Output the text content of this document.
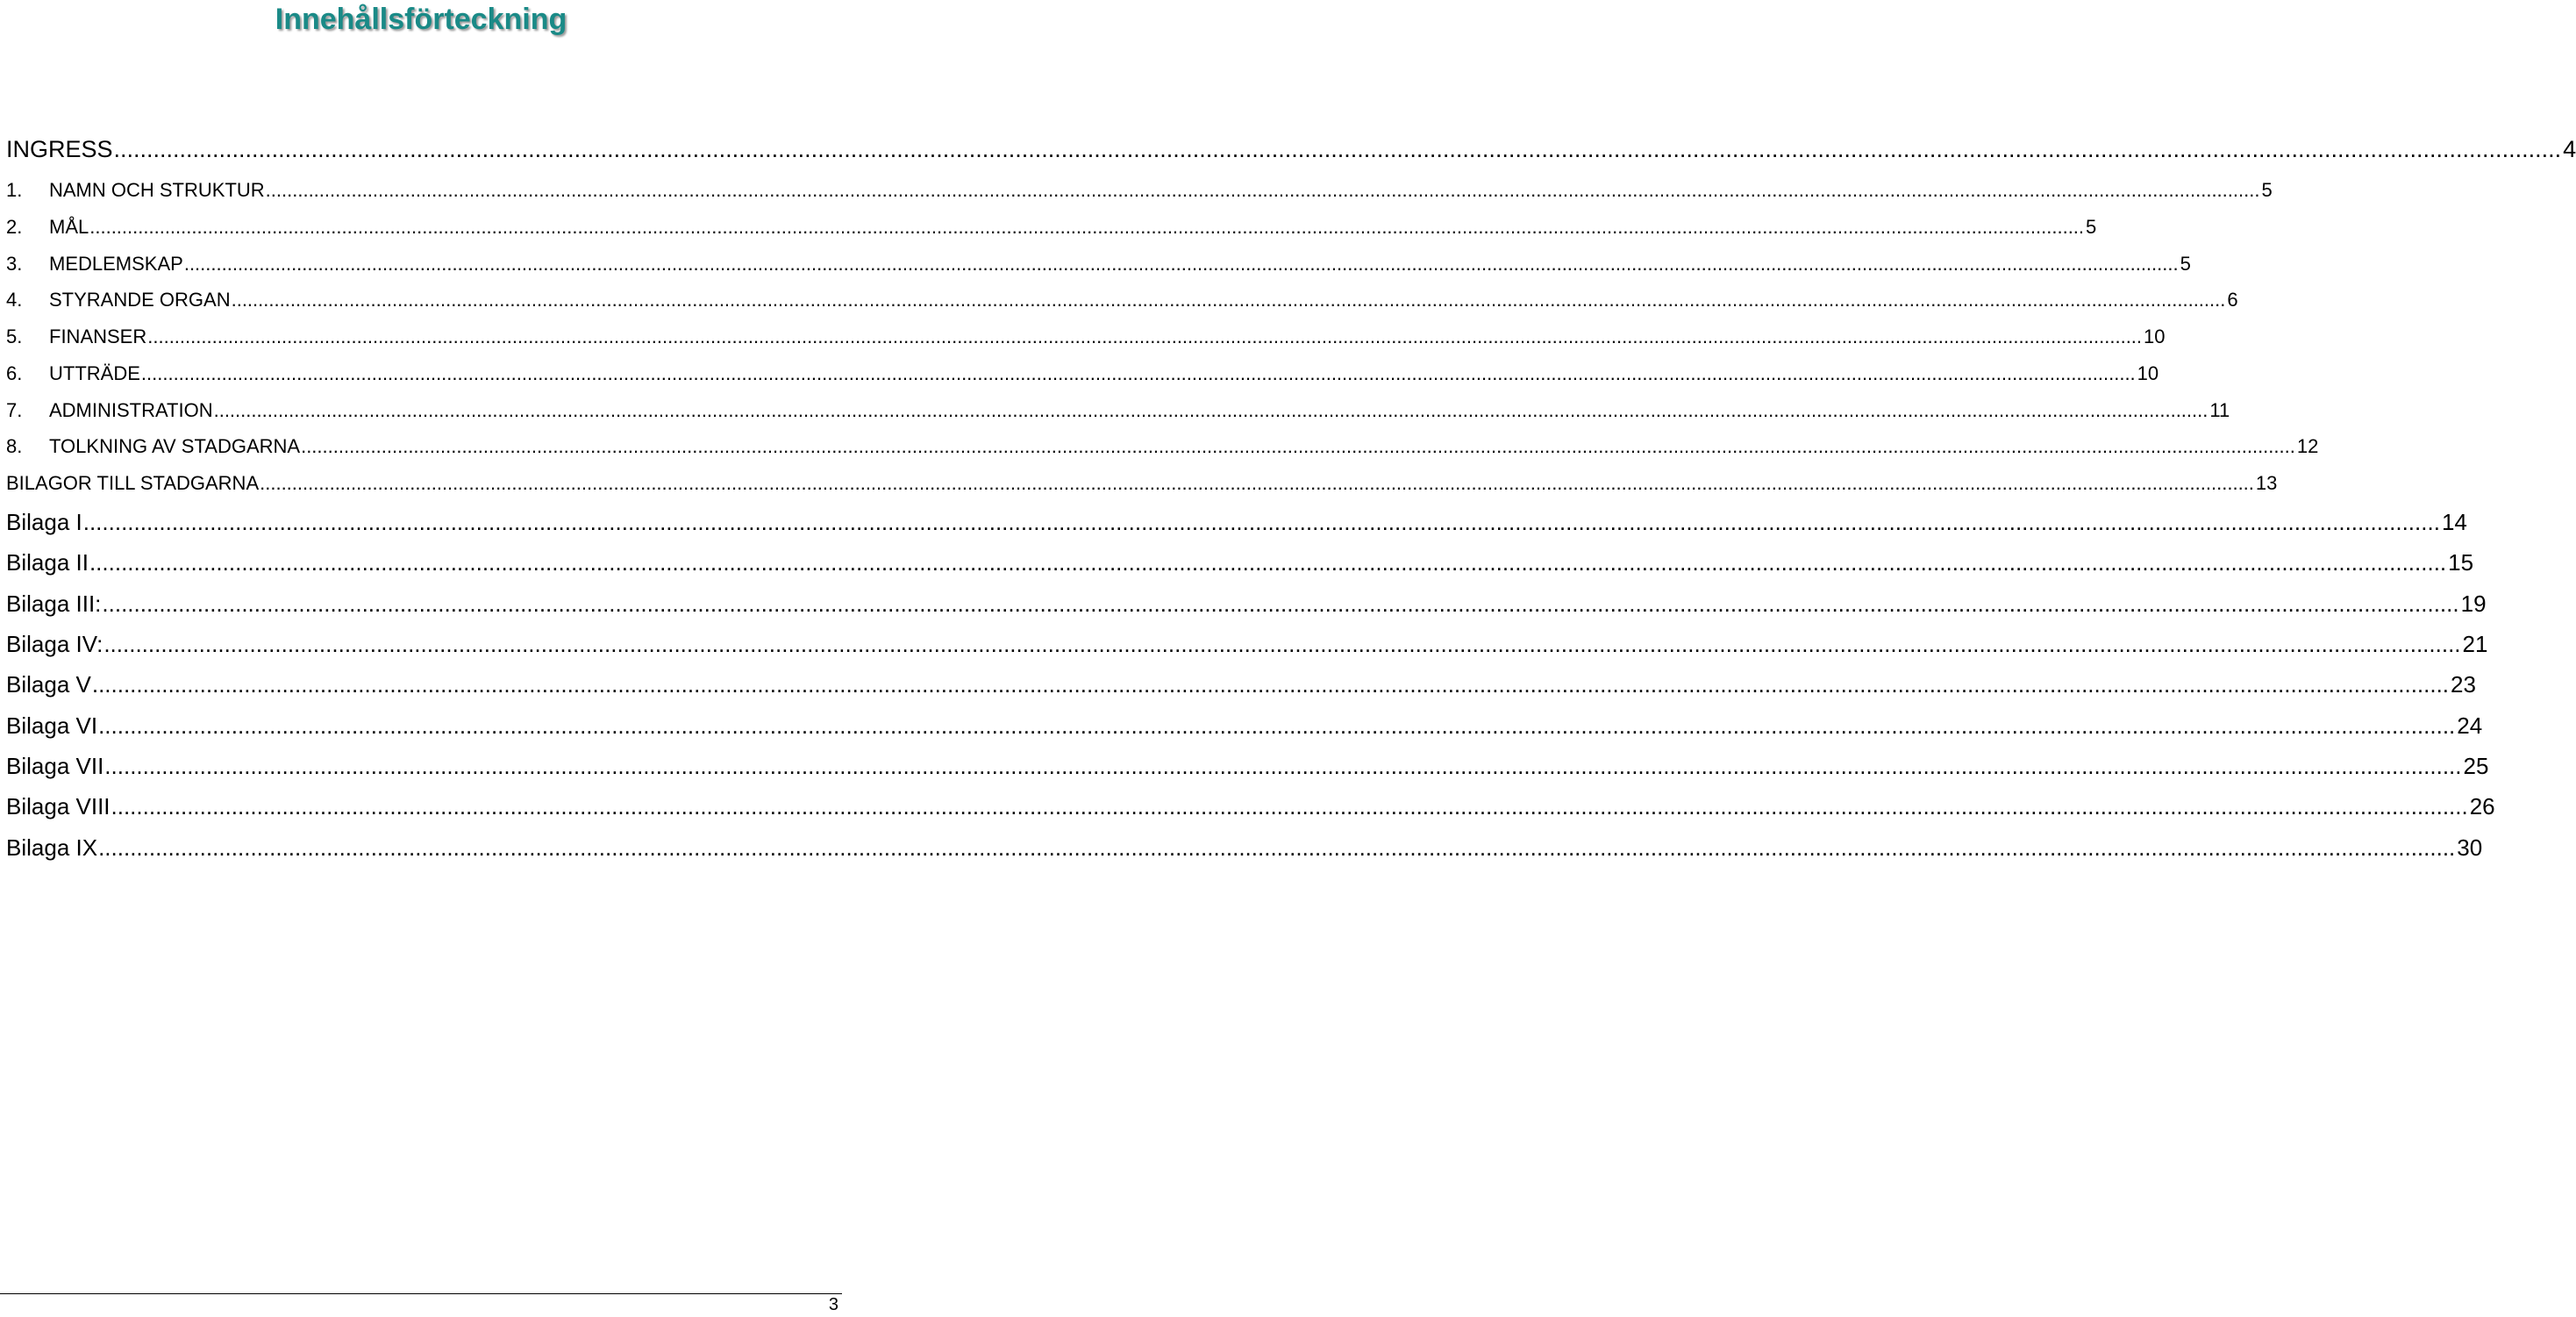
Innehållsförteckning
INGRESS .................................................................................................................................................................................................................................................................................................................................................................................... 4
1.	NAMN OCH STRUKTUR .................................................................................................................................................................................................................................................................................................................................................................................... 5
2.	MÅL .................................................................................................................................................................................................................................................................................................................................................................................... 5
3.	MEDLEMSKAP .................................................................................................................................................................................................................................................................................................................................................................................... 5
4.	STYRANDE ORGAN .................................................................................................................................................................................................................................................................................................................................................................................... 6
5.	FINANSER .................................................................................................................................................................................................................................................................................................................................................................................... 10
6.	UTTRÄDE .................................................................................................................................................................................................................................................................................................................................................................................... 10
7.	ADMINISTRATION .................................................................................................................................................................................................................................................................................................................................................................................... 11
8.	TOLKNING AV STADGARNA .................................................................................................................................................................................................................................................................................................................................................................................... 12
BILAGOR TILL STADGARNA .................................................................................................................................................................................................................................................................................................................................................................................... 13
Bilaga I .................................................................................................................................................................................................................................................................................................................................................................................... 14
Bilaga II .................................................................................................................................................................................................................................................................................................................................................................................... 15
Bilaga III: .................................................................................................................................................................................................................................................................................................................................................................................... 19
Bilaga IV: .................................................................................................................................................................................................................................................................................................................................................................................... 21
Bilaga V .................................................................................................................................................................................................................................................................................................................................................................................... 23
Bilaga VI .................................................................................................................................................................................................................................................................................................................................................................................... 24
Bilaga VII .................................................................................................................................................................................................................................................................................................................................................................................... 25
Bilaga VIII .................................................................................................................................................................................................................................................................................................................................................................................... 26
Bilaga IX .................................................................................................................................................................................................................................................................................................................................................................................... 30
3
